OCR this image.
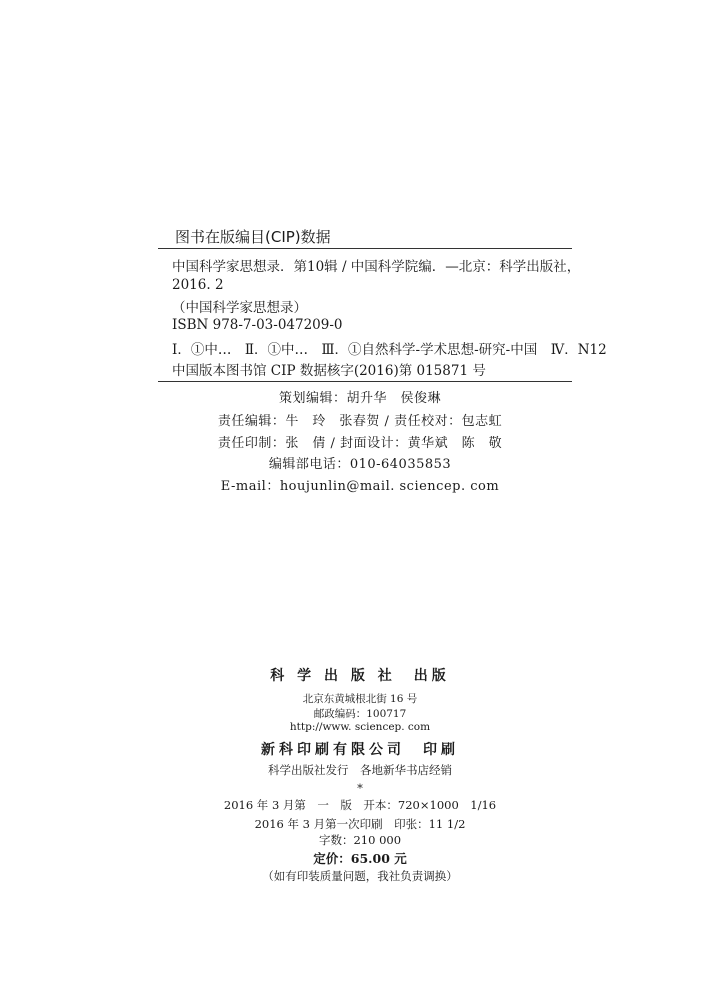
图书在版编目(CIP)数据
中国科学家思想录．第10辑 / 中国科学院编．—北京：科学出版社，
2016. 2
（中国科学家思想录）
ISBN 978-7-03-047209-0
Ⅰ．①中…　Ⅱ．①中…　Ⅲ．①自然科学-学术思想-研究-中国　Ⅳ．N12
中国版本图书馆 CIP 数据核字(2016)第 015871 号
策划编辑：胡升华　侯俊琳
责任编辑：牛　玲　张春贺 / 责任校对：包志虹
责任印制：张　倩 / 封面设计：黄华斌　陈　敬
编辑部电话：010-64035853
E-mail：houjunlin@mail. sciencep. com
科 学 出 版 社　出版
北京东黄城根北街 16 号
邮政编码：100717
http://www. sciencep. com
新科印刷有限公司　印刷
科学出版社发行　各地新华书店经销
*
2016 年 3 月第　一　版　开本：720×1000　1/16
2016 年 3 月第一次印刷　印张：11 1/2
字数：210 000
定价：65.00 元
（如有印装质量问题，我社负责调换）
